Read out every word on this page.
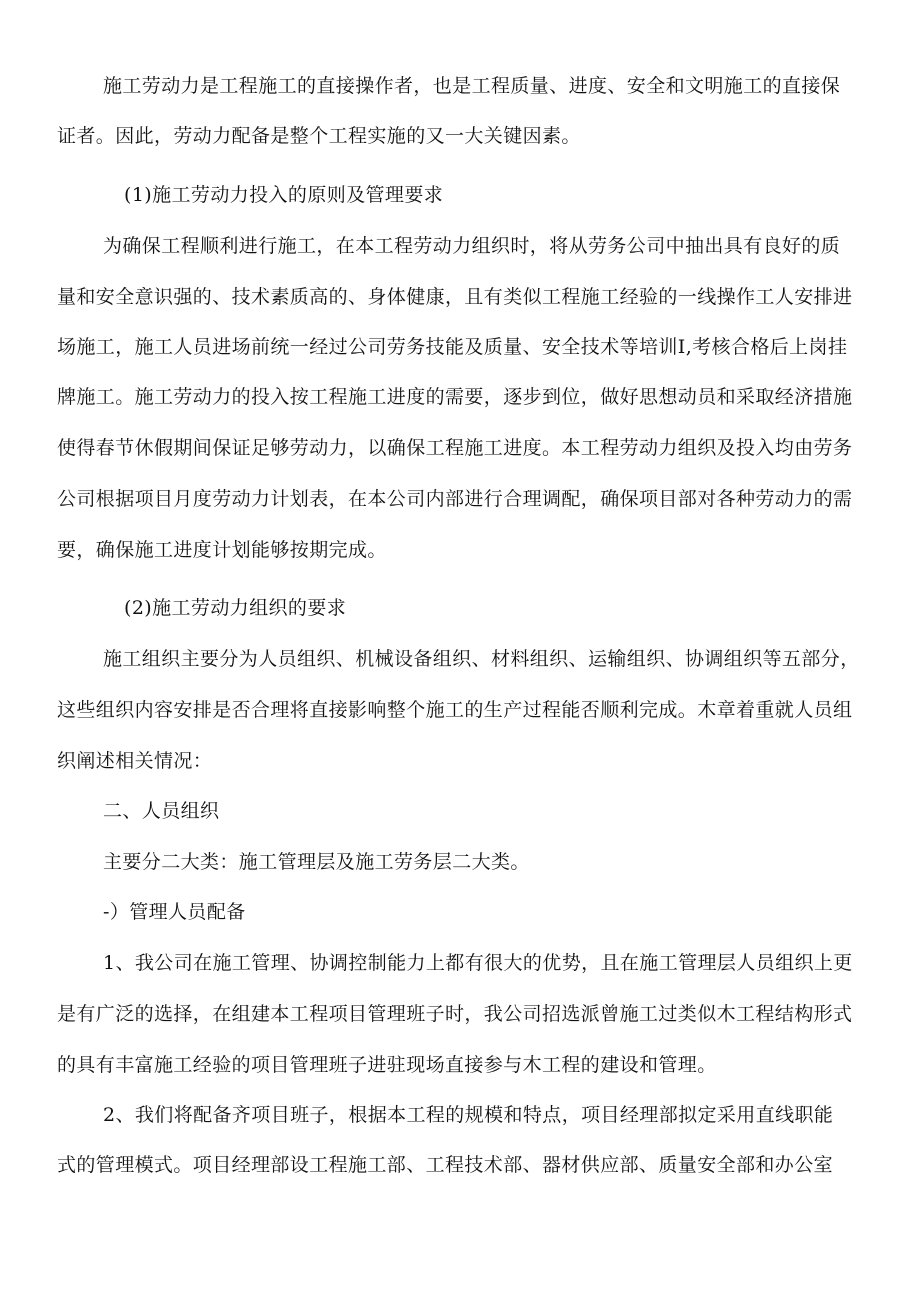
施工劳动力是工程施工的直接操作者，也是工程质量、进度、安全和文明施工的直接保
证者。因此，劳动力配备是整个工程实施的又一大关键因素。
(1)施工劳动力投入的原则及管理要求
为确保工程顺利进行施工，在本工程劳动力组织时，将从劳务公司中抽出具有良好的质
量和安全意识强的、技术素质高的、身体健康，且有类似工程施工经验的一线操作工人安排进
场施工，施工人员进场前统一经过公司劳务技能及质量、安全技术等培训I,考核合格后上岗挂
牌施工。施工劳动力的投入按工程施工进度的需要，逐步到位，做好思想动员和采取经济措施
使得春节休假期间保证足够劳动力，以确保工程施工进度。本工程劳动力组织及投入均由劳务
公司根据项目月度劳动力计划表，在本公司内部进行合理调配，确保项目部对各种劳动力的需
要，确保施工进度计划能够按期完成。
(2)施工劳动力组织的要求
施工组织主要分为人员组织、机械设备组织、材料组织、运输组织、协调组织等五部分，
这些组织内容安排是否合理将直接影响整个施工的生产过程能否顺利完成。木章着重就人员组
织阐述相关情况：
二、人员组织
主要分二大类：施工管理层及施工劳务层二大类。
-）管理人员配备
1、我公司在施工管理、协调控制能力上都有很大的优势，且在施工管理层人员组织上更
是有广泛的选择，在组建本工程项目管理班子时，我公司招选派曾施工过类似木工程结构形式
的具有丰富施工经验的项目管理班子进驻现场直接参与木工程的建设和管理。
2、我们将配备齐项目班子，根据本工程的规模和特点，项目经理部拟定采用直线职能
式的管理模式。项目经理部设工程施工部、工程技术部、器材供应部、质量安全部和办公室
